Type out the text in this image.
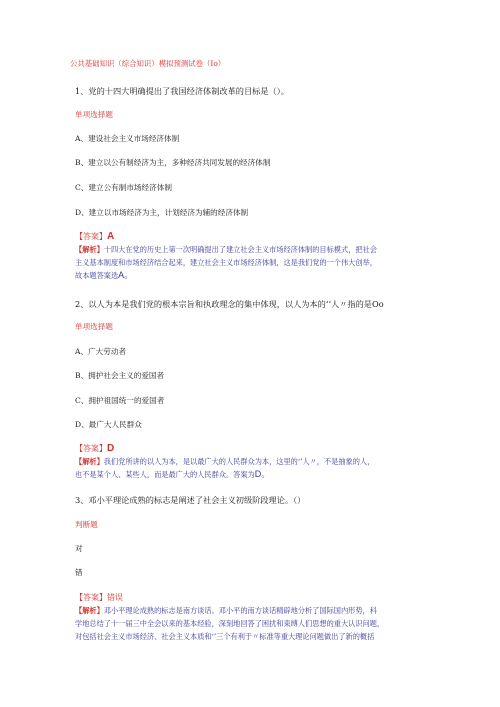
公共基础知识（综合知识）模拟预测试卷（Io）
1、党的十四大明确提出了我国经济体制改革的目标是（）。
单项选择题
A、建设社会主义市场经济体制
B、建立以公有制经济为主，多种经济共同发展的经济体制
C、建立公有制市场经济体制
D、建立以市场经济为主，计划经济为辅的经济体制
【答案】A
【解析】十四大在党的历史上第一次明确提出了建立社会主义市场经济体制的目标模式，把社会
主义基本制度和市场经济结合起来，建立社会主义市场经济体制，这是我们党的一个伟大创举，
故本题答案选A。
2、以人为本是我们党的根本宗旨和执政理念的集中体现，以人为本的‘’人〃指的是Oo
单项选择题
A、广大劳动者
B、拥护社会主义的爱国者
C、拥护祖国统一的爱国者
D、最广大人民群众
【答案】D
【解析】我们党所讲的以人为本，是以最广大的人民群众为本，这里的‘’人〃，不是抽象的人，
也不是某个人、某些人，而是最广大的人民群众。答案为D。
3、邓小平理论成熟的标志是阐述了社会主义初级阶段理论。（）
判断题
对
错
【答案】错误
【解析】邓小平理论成熟的标志是南方谈话。邓小平的南方谈话精辟地分析了国际国内形势，科
学地总结了十一届三中全会以来的基本经验，深刻地回答了困扰和束缚人们思想的重大认识问题，
对包括社会主义市场经济、社会主义本质和‘’三个有利于〃标准等重大理论问题做出了新的概括
